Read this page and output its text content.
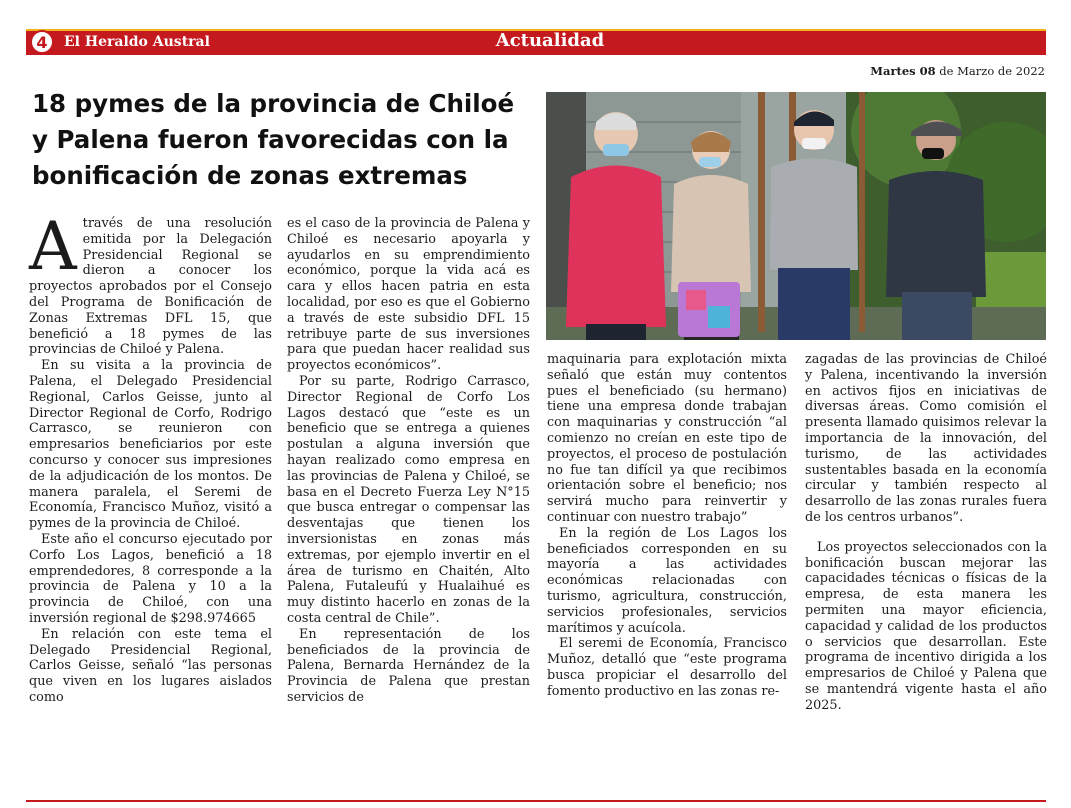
4	El Heraldo Austral	Actualidad
Martes 08 de Marzo de 2022
18 pymes de la provincia de Chiloé y Palena fueron favorecidas con la bonificación de zonas extremas

Através de una resolución emitida por la Delegación Presidencial Regional se dieron a conocer los proyectos aprobados por el Consejo del Programa de Bonificación de Zonas Extremas DFL 15, que benefició a 18 pymes de las provincias de Chiloé y Palena.

En su visita a la provincia de Palena, el Delegado Presidencial Regional, Carlos Geisse, junto al Director Regional de Corfo, Rodrigo Carrasco, se reunieron con empresarios beneficiarios por este concurso y conocer sus impresiones de la adjudicación de los montos. De manera paralela, el Seremi de Economía, Francisco Muñoz, visitó a pymes de la provincia de Chiloé.

Este año el concurso ejecutado por Corfo Los Lagos, benefició a 18 emprendedores, 8 corresponde a la provincia de Palena y 10 a la provincia de Chiloé, con una inversión regional de $298.974665

En relación con este tema el Delegado Presidencial Regional, Carlos Geisse, señaló “las personas que viven en los lugares aislados como

es el caso de la provincia de Palena y Chiloé es necesario apoyarla y ayudarlos en su emprendimiento económico, porque la vida acá es cara y ellos hacen patria en esta localidad, por eso es que el Gobierno a través de este subsidio DFL 15 retribuye parte de sus inversiones para que puedan hacer realidad sus proyectos económicos”.

Por su parte, Rodrigo Carrasco, Director Regional de Corfo Los Lagos destacó que “este es un beneficio que se entrega a quienes postulan a alguna inversión que hayan realizado como empresa en las provincias de Palena y Chiloé, se basa en el Decreto Fuerza Ley N°15 que busca entregar o compensar las desventajas que tienen los inversionistas en zonas más extremas, por ejemplo invertir en el área de turismo en Chaitén, Alto Palena, Futaleufú y Hualaihué es muy distinto hacerlo en zonas de la costa central de Chile”.

En representación de los beneficiados de la provincia de Palena, Bernarda Hernández de la Provincia de Palena que prestan servicios de

maquinaria para explotación mixta señaló que están muy contentos pues el beneficiado (su hermano) tiene una empresa donde trabajan con maquinarias y construcción “al comienzo no creían en este tipo de proyectos, el proceso de postulación no fue tan difícil ya que recibimos orientación sobre el beneficio; nos servirá mucho para reinvertir y continuar con nuestro trabajo”

En la región de Los Lagos los beneficiados corresponden en su mayoría a las actividades económicas relacionadas con turismo, agricultura, construcción, servicios profesionales, servicios marítimos y acuícola.

El seremi de Economía, Francisco Muñoz, detalló que “este programa busca propiciar el desarrollo del fomento productivo en las zonas re-

zagadas de las provincias de Chiloé y Palena, incentivando la inversión en activos fijos en iniciativas de diversas áreas. Como comisión el presenta llamado quisimos relevar la importancia de la innovación, del turismo, de las actividades sustentables basada en la economía circular y también respecto al desarrollo de las zonas rurales fuera de los centros urbanos”.

Los proyectos seleccionados con la bonificación buscan mejorar las capacidades técnicas o físicas de la empresa, de esta manera les permiten una mayor eficiencia, capacidad y calidad de los productos o servicios que desarrollan. Este programa de incentivo dirigida a los empresarios de Chiloé y Palena que se mantendrá vigente hasta el año 2025.
